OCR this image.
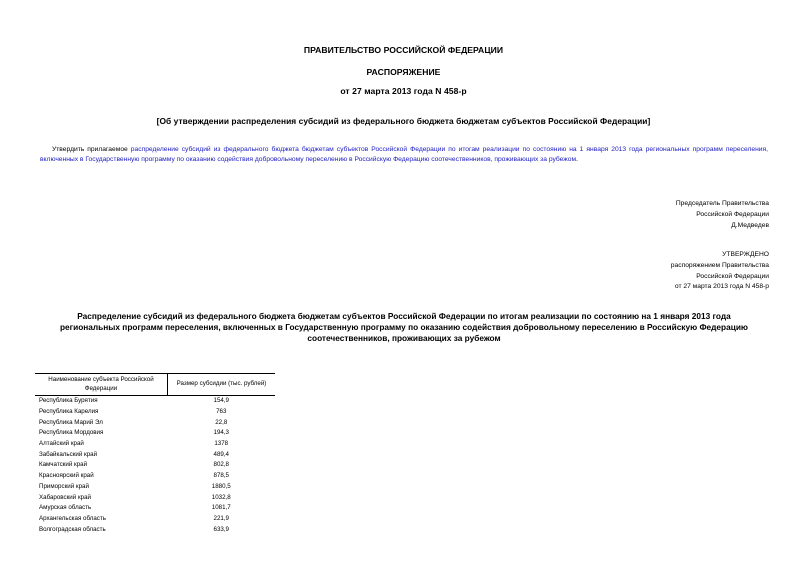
ПРАВИТЕЛЬСТВО РОССИЙСКОЙ ФЕДЕРАЦИИ
РАСПОРЯЖЕНИЕ
от 27 марта 2013 года N 458-р
[Об утверждении распределения субсидий из федерального бюджета бюджетам субъектов Российской Федерации]
Утвердить прилагаемое распределение субсидий из федерального бюджета бюджетам субъектов Российской Федерации по итогам реализации по состоянию на 1 января 2013 года региональных программ переселения, включенных в Государственную программу по оказанию содействия добровольному переселению в Российскую Федерацию соотечественников, проживающих за рубежом.
Председатель Правительства
Российской Федерации
Д.Медведев
УТВЕРЖДЕНО
распоряжением Правительства
Российской Федерации
от 27 марта 2013 года N 458-р
Распределение субсидий из федерального бюджета бюджетам субъектов Российской Федерации по итогам реализации по состоянию на 1 января 2013 года региональных программ переселения, включенных в Государственную программу по оказанию содействия добровольному переселению в Российскую Федерацию соотечественников, проживающих за рубежом
Наименование субъекта Российской Федерации	Размер субсидии (тыс. рублей)
Республика Бурятия	154,9
Республика Карелия	763
Республика Марий Эл	22,8
Республика Мордовия	194,3
Алтайский край	1378
Забайкальский край	489,4
Камчатский край	802,8
Красноярский край	878,5
Приморский край	1880,5
Хабаровский край	1032,8
Амурская область	1081,7
Архангельская область	221,9
Волгоградская область	633,9
